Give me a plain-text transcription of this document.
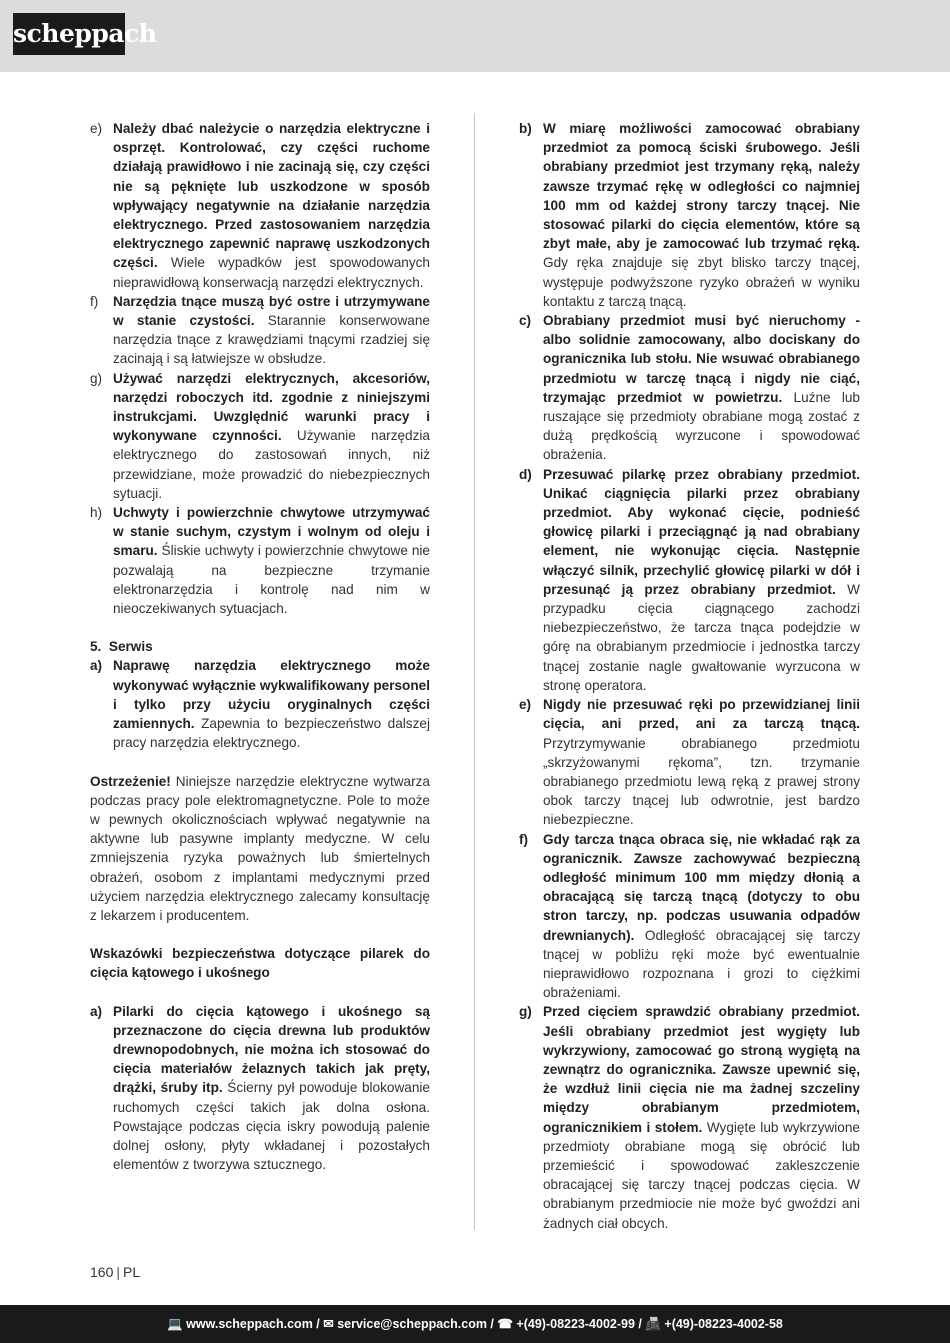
scheppach
e) Należy dbać należycie o narzędzia elektryczne i osprzęt. Kontrolować, czy części ruchome działają prawidłowo i nie zacinają się, czy części nie są pęknięte lub uszkodzone w sposób wpływający negatywnie na działanie narzędzia elektrycznego. Przed zastosowaniem narzędzia elektrycznego zapewnić naprawę uszkodzonych części. Wiele wypadków jest spowodowanych nieprawidłową konserwacją narzędzi elektrycznych.
f) Narzędzia tnące muszą być ostre i utrzymywane w stanie czystości. Starannie konserwowane narzędzia tnące z krawędziami tnącymi rzadziej się zacinają i są łatwiejsze w obsłudze.
g) Używać narzędzi elektrycznych, akcesoriów, narzędzi roboczych itd. zgodnie z niniejszymi instrukcjami. Uwzględnić warunki pracy i wykonywane czynności. Używanie narzędzia elektrycznego do zastosowań innych, niż przewidziane, może prowadzić do niebezpiecznych sytuacji.
h) Uchwyty i powierzchnie chwytowe utrzymywać w stanie suchym, czystym i wolnym od oleju i smaru. Śliskie uchwyty i powierzchnie chwytowe nie pozwalają na bezpieczne trzymanie elektronarzędzia i kontrolę nad nim w nieoczekiwanych sytuacjach.

5.  Serwis

a) Naprawę narzędzia elektrycznego może wykonywać wyłącznie wykwalifikowany personel i tylko przy użyciu oryginalnych części zamiennych. Zapewnia to bezpieczeństwo dalszej pracy narzędzia elektrycznego.

Ostrzeżenie! Niniejsze narzędzie elektryczne wytwarza podczas pracy pole elektromagnetyczne. Pole to może w pewnych okolicznościach wpływać negatywnie na aktywne lub pasywne implanty medyczne. W celu zmniejszenia ryzyka poważnych lub śmiertelnych obrażeń, osobom z implantami medycznymi przed użyciem narzędzia elektrycznego zalecamy konsultację z lekarzem i producentem.

Wskazówki bezpieczeństwa dotyczące pilarek do cięcia kątowego i ukośnego

a) Pilarki do cięcia kątowego i ukośnego są przeznaczone do cięcia drewna lub produktów drewnopodobnych, nie można ich stosować do cięcia materiałów żelaznych takich jak pręty, drążki, śruby itp. Ścierny pył powoduje blokowanie ruchomych części takich jak dolna osłona. Powstające podczas cięcia iskry powodują palenie dolnej osłony, płyty wkładanej i pozostałych elementów z tworzywa sztucznego.
b) W miarę możliwości zamocować obrabiany przedmiot za pomocą ściski śrubowego. Jeśli obrabiany przedmiot jest trzymany ręką, należy zawsze trzymać rękę w odległości co najmniej 100 mm od każdej strony tarczy tnącej. Nie stosować pilarki do cięcia elementów, które są zbyt małe, aby je zamocować lub trzymać ręką. Gdy ręka znajduje się zbyt blisko tarczy tnącej, występuje podwyższone ryzyko obrażeń w wyniku kontaktu z tarczą tnącą.
c) Obrabiany przedmiot musi być nieruchomy - albo solidnie zamocowany, albo dociskany do ogranicznika lub stołu. Nie wsuwać obrabianego przedmiotu w tarczę tnącą i nigdy nie ciąć, trzymając przedmiot w powietrzu. Luźne lub ruszające się przedmioty obrabiane mogą zostać z dużą prędkością wyrzucone i spowodować obrażenia.
d) Przesuwać pilarkę przez obrabiany przedmiot. Unikać ciągnięcia pilarki przez obrabiany przedmiot. Aby wykonać cięcie, podnieść głowicę pilarki i przeciągnąć ją nad obrabiany element, nie wykonując cięcia. Następnie włączyć silnik, przechylić głowicę pilarki w dół i przesunąć ją przez obrabiany przedmiot. W przypadku cięcia ciągnącego zachodzi niebezpieczeństwo, że tarcza tnąca podejdzie w górę na obrabianym przedmiocie i jednostka tarczy tnącej zostanie nagle gwałtowanie wyrzucona w stronę operatora.
e) Nigdy nie przesuwać ręki po przewidzianej linii cięcia, ani przed, ani za tarczą tnącą. Przytrzymywanie obrabianego przedmiotu „skrzyżowanymi rękoma”, tzn. trzymanie obrabianego przedmiotu lewą ręką z prawej strony obok tarczy tnącej lub odwrotnie, jest bardzo niebezpieczne.
f) Gdy tarcza tnąca obraca się, nie wkładać rąk za ogranicznik. Zawsze zachowywać bezpieczną odległość minimum 100 mm między dłonią a obracającą się tarczą tnącą (dotyczy to obu stron tarczy, np. podczas usuwania odpadów drewnianych). Odległość obracającej się tarczy tnącej w pobliżu ręki może być ewentualnie nieprawidłowo rozpoznana i grozi to ciężkimi obrażeniami.
g) Przed cięciem sprawdzić obrabiany przedmiot. Jeśli obrabiany przedmiot jest wygięty lub wykrzywiony, zamocować go stroną wygiętą na zewnątrz do ogranicznika. Zawsze upewnić się, że wzdłuż linii cięcia nie ma żadnej szczeliny między obrabianym przedmiotem, ogranicznikiem i stołem. Wygięte lub wykrzywione przedmioty obrabiane mogą się obrócić lub przemieścić i spowodować zakleszczenie obracającej się tarczy tnącej podczas cięcia. W obrabianym przedmiocie nie może być gwoździ ani żadnych ciał obcych.
160 | PL
💻 www.scheppach.com / ✉ service@scheppach.com / ☎ +(49)-08223-4002-99 / 📠 +(49)-08223-4002-58
